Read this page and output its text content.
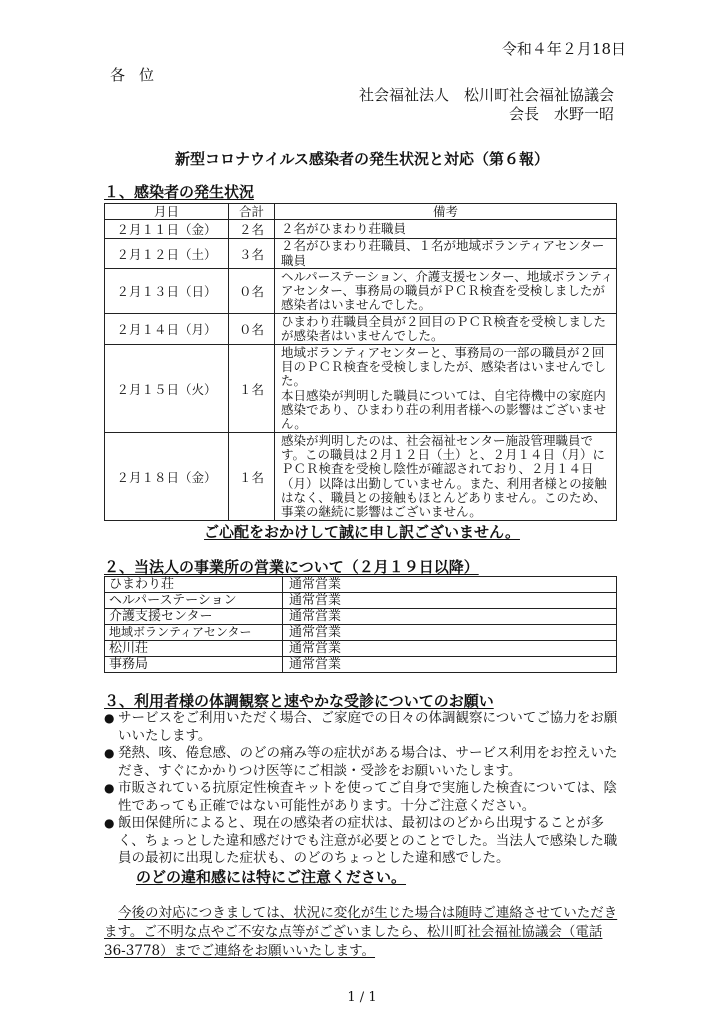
令和４年２月18日
各位
社会福祉法人　松川町社会福祉協議会
会長　水野一昭
新型コロナウイルス感染者の発生状況と対応（第６報）
１、感染者の発生状況
月日	合計	備考
２月１１日（金）	２名	２名がひまわり荘職員
２月１２日（土）	３名	２名がひまわり荘職員、１名が地域ボランティアセンター職員
２月１３日（日）	０名	ヘルパーステーション、介護支援センター、地域ボランティアセンター、事務局の職員がＰＣＲ検査を受検しましたが感染者はいませんでした。
２月１４日（月）	０名	ひまわり荘職員全員が２回目のＰＣＲ検査を受検しましたが感染者はいませんでした。
２月１５日（火）	１名	地域ボランティアセンターと、事務局の一部の職員が２回目のＰＣＲ検査を受検しましたが、感染者はいませんでした。
本日感染が判明した職員については、自宅待機中の家庭内感染であり、ひまわり荘の利用者様への影響はございません。

２月１８日（金）	１名	感染が判明したのは、社会福祉センター施設管理職員です。この職員は２月１２日（土）と、２月１４日（月）にＰＣＲ検査を受検し陰性が確認されており、２月１４日（月）以降は出勤していません。また、利用者様との接触はなく、職員との接触もほとんどありません。このため、事業の継続に影響はございません。
ご心配をおかけして誠に申し訳ございません。
２、当法人の事業所の営業について（２月１９日以降）
ひまわり荘	通常営業
ヘルパーステーション	通常営業
介護支援センター	通常営業
地域ボランティアセンター	通常営業
松川荘	通常営業
事務局	通常営業
３、利用者様の体調観察と速やかな受診についてのお願い
● サービスをご利用いただく場合、ご家庭での日々の体調観察についてご協力をお願いいたします。
● 発熱、咳、倦怠感、のどの痛み等の症状がある場合は、サービス利用をお控えいただき、すぐにかかりつけ医等にご相談・受診をお願いいたします。
● 市販されている抗原定性検査キットを使ってご自身で実施した検査については、陰性であっても正確ではない可能性があります。十分ご注意ください。
● 飯田保健所によると、現在の感染者の症状は、最初はのどから出現することが多く、ちょっとした違和感だけでも注意が必要とのことでした。当法人で感染した職員の最初に出現した症状も、のどのちょっとした違和感でした。
のどの違和感には特にご注意ください。
今後の対応につきましては、状況に変化が生じた場合は随時ご連絡させていただきます。ご不明な点やご不安な点等がございましたら、松川町社会福祉協議会（電話 36-3778）までご連絡をお願いいたします。
1 / 1
